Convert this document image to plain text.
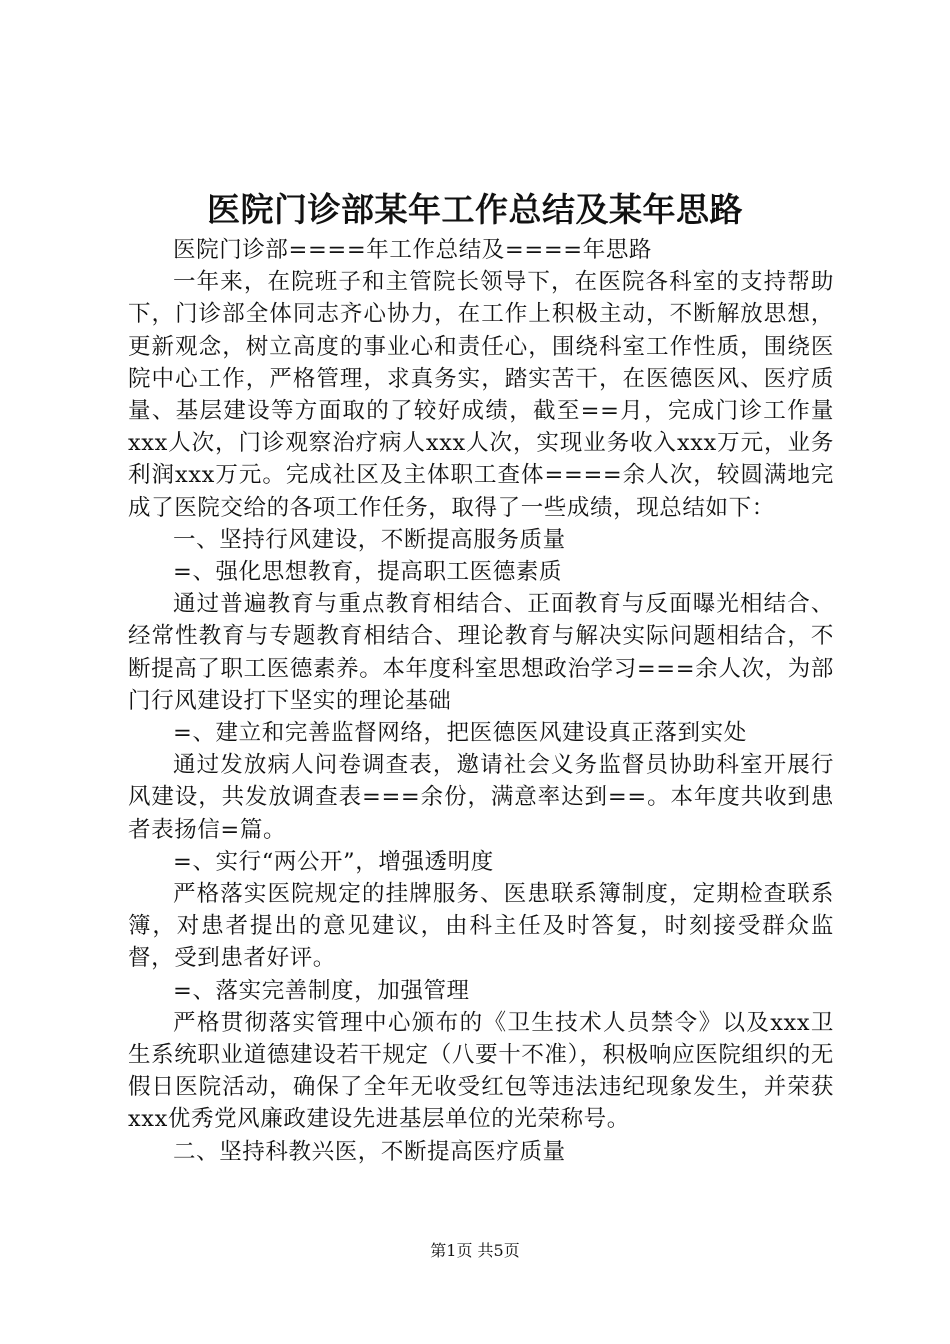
医院门诊部某年工作总结及某年思路

医院门诊部====年工作总结及====年思路

一年来，在院班子和主管院长领导下，在医院各科室的支持帮助下，门诊部全体同志齐心协力，在工作上积极主动，不断解放思想，更新观念，树立高度的事业心和责任心，围绕科室工作性质，围绕医院中心工作，严格管理，求真务实，踏实苦干，在医德医风、医疗质量、基层建设等方面取的了较好成绩，截至==月，完成门诊工作量xxx人次，门诊观察治疗病人xxx人次，实现业务收入xxx万元，业务利润xxx万元。完成社区及主体职工查体====余人次，较圆满地完成了医院交给的各项工作任务，取得了一些成绩，现总结如下：

一、坚持行风建设，不断提高服务质量

=、强化思想教育，提高职工医德素质

通过普遍教育与重点教育相结合、正面教育与反面曝光相结合、经常性教育与专题教育相结合、理论教育与解决实际问题相结合，不断提高了职工医德素养。本年度科室思想政治学习===余人次，为部门行风建设打下坚实的理论基础

=、建立和完善监督网络，把医德医风建设真正落到实处

通过发放病人问卷调查表，邀请社会义务监督员协助科室开展行风建设，共发放调查表===余份，满意率达到==。本年度共收到患者表扬信=篇。

=、实行“两公开”，增强透明度

严格落实医院规定的挂牌服务、医患联系簿制度，定期检查联系簿，对患者提出的意见建议，由科主任及时答复，时刻接受群众监督，受到患者好评。

=、落实完善制度，加强管理

严格贯彻落实管理中心颁布的《卫生技术人员禁令》以及xxx卫生系统职业道德建设若干规定（八要十不准），积极响应医院组织的无假日医院活动，确保了全年无收受红包等违法违纪现象发生，并荣获xxx优秀党风廉政建设先进基层单位的光荣称号。

二、坚持科教兴医，不断提高医疗质量

第1页 共5页
